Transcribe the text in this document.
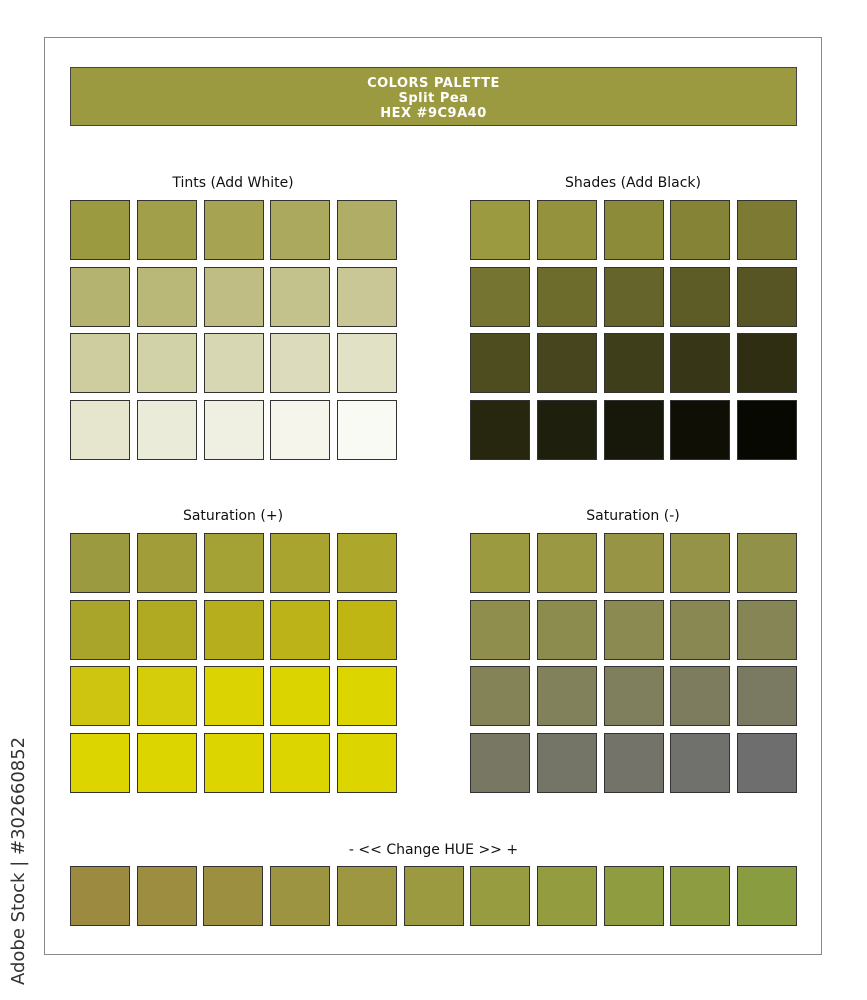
COLORS PALETTE
Split Pea
HEX #9C9A40
Tints (Add White)	Shades (Add Black)
Saturation (+)	Saturation (-)
- << Change HUE >> +
Adobe Stock | #302660852
